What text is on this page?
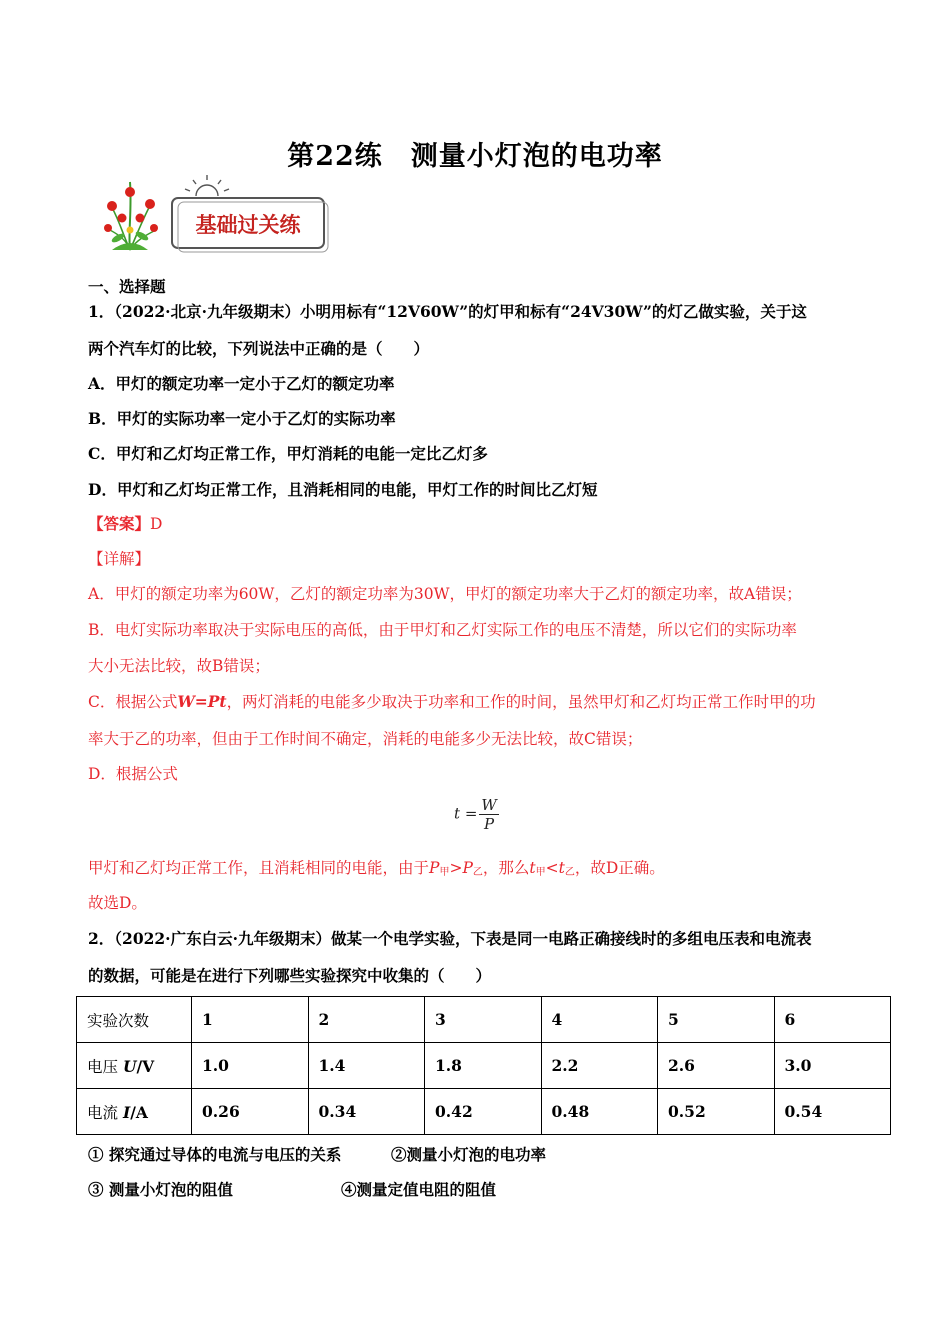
第22练　测量小灯泡的电功率
基础过关练
一、选择题
1．（2022·北京·九年级期末）小明用标有“12V60W”的灯甲和标有“24V30W”的灯乙做实验，关于这
两个汽车灯的比较，下列说法中正确的是（　　）
A．甲灯的额定功率一定小于乙灯的额定功率
B．甲灯的实际功率一定小于乙灯的实际功率
C．甲灯和乙灯均正常工作，甲灯消耗的电能一定比乙灯多
D．甲灯和乙灯均正常工作，且消耗相同的电能，甲灯工作的时间比乙灯短
【答案】D
【详解】
A．甲灯的额定功率为60W，乙灯的额定功率为30W，甲灯的额定功率大于乙灯的额定功率，故A错误；
B．电灯实际功率取决于实际电压的高低，由于甲灯和乙灯实际工作的电压不清楚，所以它们的实际功率
大小无法比较，故B错误；
C．根据公式W=Pt，两灯消耗的电能多少取决于功率和工作的时间，虽然甲灯和乙灯均正常工作时甲的功
率大于乙的功率，但由于工作时间不确定，消耗的电能多少无法比较，故C错误；
D．根据公式
$t = \frac{W}{P}$
甲灯和乙灯均正常工作，且消耗相同的电能，由于$P_甲>P_乙$，那么$t_甲<t_乙$，故D正确。
故选D。
2．（2022·广东白云·九年级期末）做某一个电学实验，下表是同一电路正确接线时的多组电压表和电流表
的数据，可能是在进行下列哪些实验探究中收集的（　　）
实验次数	1	2	3	4	5	6
电压 U/V	1.0	1.4	1.8	2.2	2.6	3.0
电流 I/A	0.26	0.34	0.42	0.48	0.52	0.54
① 探究通过导体的电流与电压的关系	②测量小灯泡的电功率
③ 测量小灯泡的阻值	④测量定值电阻的阻值
